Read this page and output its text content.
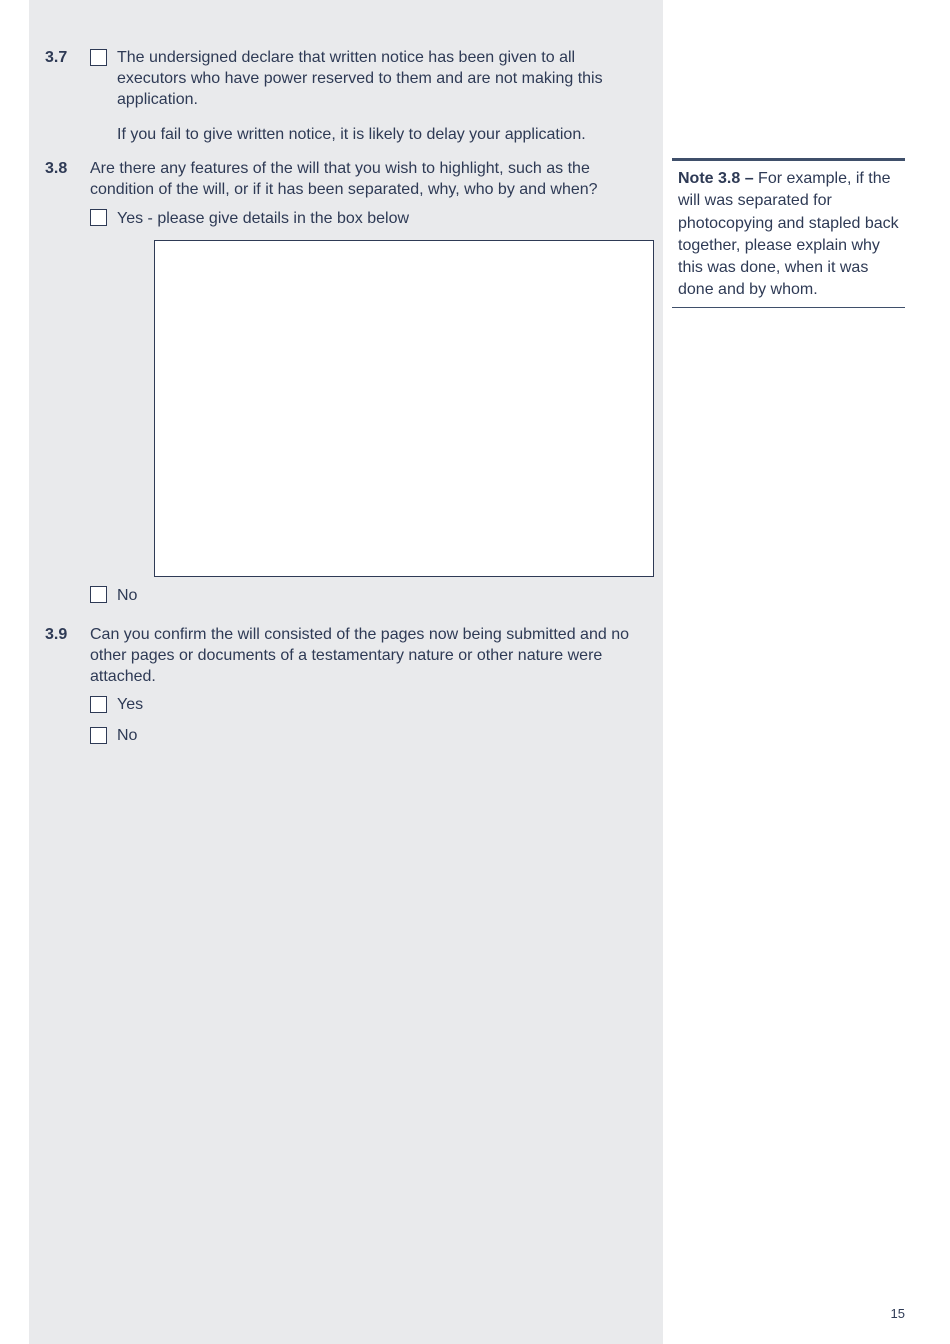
3.7	The undersigned declare that written notice has been given to all executors who have power reserved to them and are not making this application.
If you fail to give written notice, it is likely to delay your application.
3.8 Are there any features of the will that you wish to highlight, such as the condition of the will, or if it has been separated, why, who by and when?
Yes - please give details in the box below
No
3.9 Can you confirm the will consisted of the pages now being submitted and no other pages or documents of a testamentary nature or other nature were attached.
Yes
No
Note 3.8 – For example, if the will was separated for photocopying and stapled back together, please explain why this was done, when it was done and by whom.
15
